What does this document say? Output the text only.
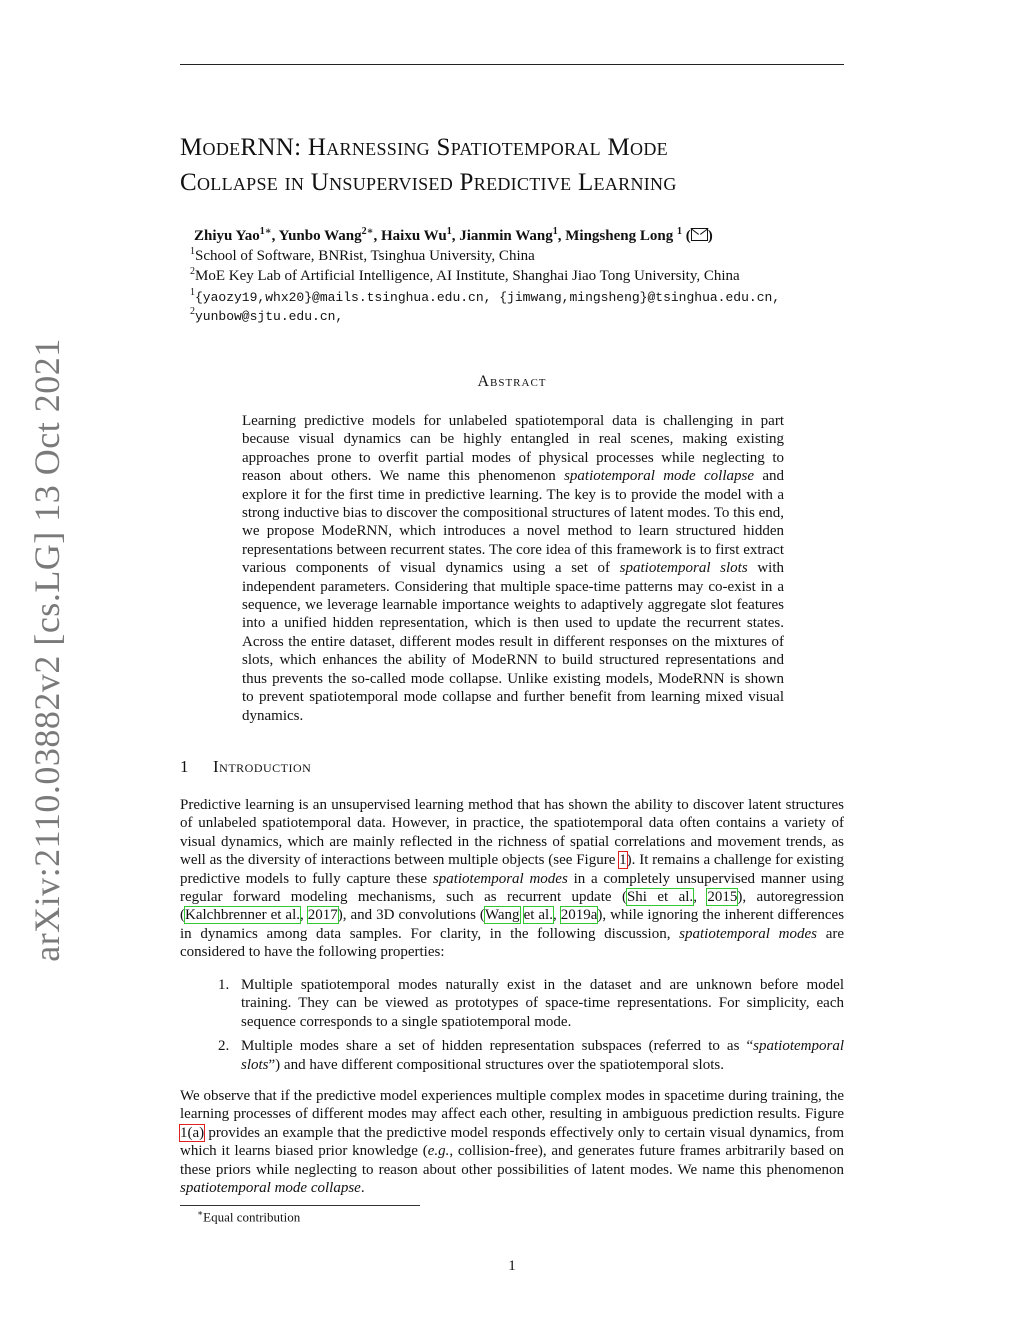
arXiv:2110.03882v2 [cs.LG] 13 Oct 2021
ModeRNN: Harnessing Spatiotemporal Mode
Collapse in Unsupervised Predictive Learning
Zhiyu Yao$^{1∗}$, Yunbo Wang$^{2∗}$, Haixu Wu$^1$, Jianmin Wang$^1$, Mingsheng Long $^1$ ( )
$^1$School of Software, BNRist, Tsinghua University, China
$^2$MoE Key Lab of Artificial Intelligence, AI Institute, Shanghai Jiao Tong University, China
$^1${yaozy19,whx20}@mails.tsinghua.edu.cn, {jimwang,mingsheng}@tsinghua.edu.cn,
$^2$yunbow@sjtu.edu.cn,
Abstract
Learning predictive models for unlabeled spatiotemporal data is challenging in part because visual dynamics can be highly entangled in real scenes, making existing approaches prone to overfit partial modes of physical processes while neglecting to reason about others. We name this phenomenon spatiotemporal mode collapse and explore it for the first time in predictive learning. The key is to provide the model with a strong inductive bias to discover the compositional structures of latent modes. To this end, we propose ModeRNN, which introduces a novel method to learn structured hidden representations between recurrent states. The core idea of this framework is to first extract various components of visual dynamics using a set of spatiotemporal slots with independent parameters. Considering that multiple space-time patterns may co-exist in a sequence, we leverage learnable importance weights to adaptively aggregate slot features into a unified hidden representation, which is then used to update the recurrent states. Across the entire dataset, different modes result in different responses on the mixtures of slots, which enhances the ability of ModeRNN to build structured representations and thus prevents the so-called mode collapse. Unlike existing models, ModeRNN is shown to prevent spatiotemporal mode collapse and further benefit from learning mixed visual dynamics.
1 Introduction
Predictive learning is an unsupervised learning method that has shown the ability to discover latent structures of unlabeled spatiotemporal data. However, in practice, the spatiotemporal data often contains a variety of visual dynamics, which are mainly reflected in the richness of spatial correlations and movement trends, as well as the diversity of interactions between multiple objects (see Figure 1). It remains a challenge for existing predictive models to fully capture these spatiotemporal modes in a completely unsupervised manner using regular forward modeling mechanisms, such as recurrent update (Shi et al., 2015), autoregression (Kalchbrenner et al., 2017), and 3D convolutions (Wang et al., 2019a), while ignoring the inherent differences in dynamics among data samples. For clarity, in the following discussion, spatiotemporal modes are considered to have the following properties:
1. Multiple spatiotemporal modes naturally exist in the dataset and are unknown before model training. They can be viewed as prototypes of space-time representations. For simplicity, each sequence corresponds to a single spatiotemporal mode.
2. Multiple modes share a set of hidden representation subspaces (referred to as “spatiotemporal slots”) and have different compositional structures over the spatiotemporal slots.
We observe that if the predictive model experiences multiple complex modes in spacetime during training, the learning processes of different modes may affect each other, resulting in ambiguous prediction results. Figure 1(a) provides an example that the predictive model responds effectively only to certain visual dynamics, from which it learns biased prior knowledge (e.g., collision-free), and generates future frames arbitrarily based on these priors while neglecting to reason about other possibilities of latent modes. We name this phenomenon spatiotemporal mode collapse.
∗Equal contribution
1
